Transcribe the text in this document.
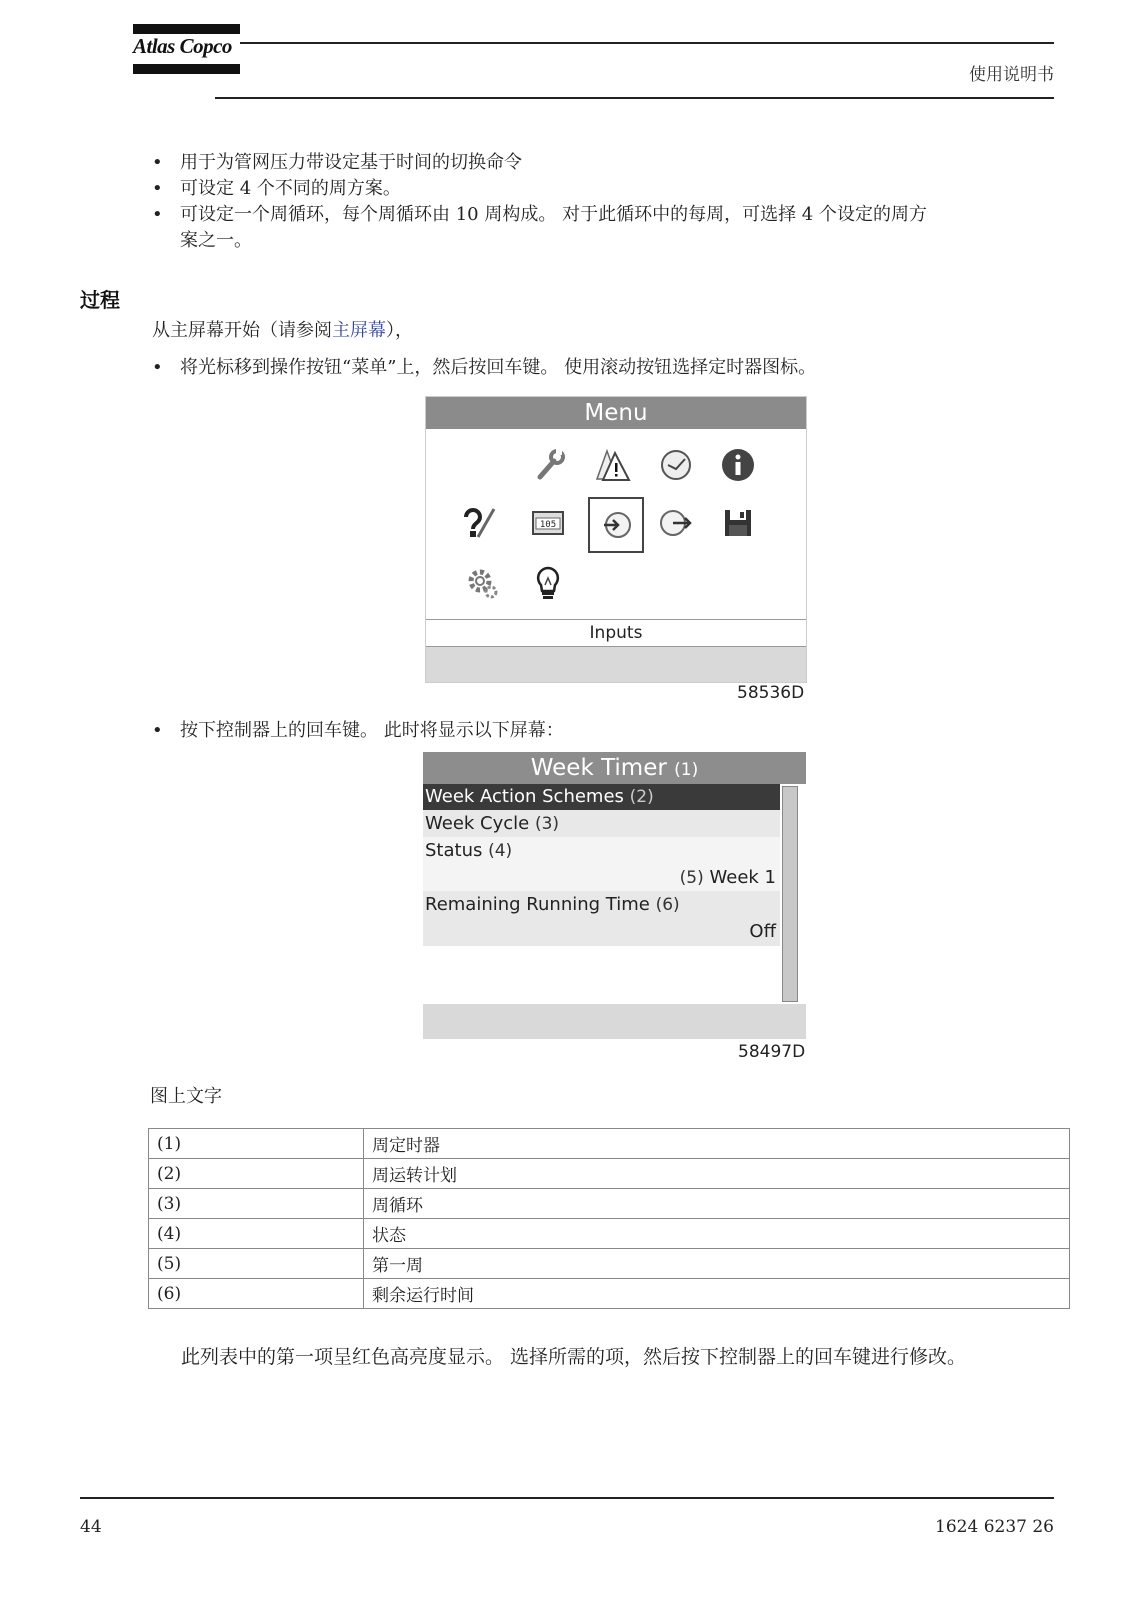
Atlas Copco
使用说明书
• 用于为管网压力带设定基于时间的切换命令
• 可设定 4 个不同的周方案。
• 可设定一个周循环，每个周循环由 10 周构成。 对于此循环中的每周，可选择 4 个设定的周方
案之一。
过程
从主屏幕开始（请参阅主屏幕），
• 将光标移到操作按钮“菜单”上，然后按回车键。 使用滚动按钮选择定时器图标。
Menu
105
Inputs
58536D
• 按下控制器上的回车键。 此时将显示以下屏幕：
Week Timer (1)
Week Action Schemes (2)
Week Cycle (3)
Status (4)
(5) Week 1
Remaining Running Time (6)
Off
58497D
图上文字
(1)	周定时器
(2)	周运转计划
(3)	周循环
(4)	状态
(5)	第一周
(6)	剩余运行时间
此列表中的第一项呈红色高亮度显示。 选择所需的项，然后按下控制器上的回车键进行修改。
44	1624 6237 26
